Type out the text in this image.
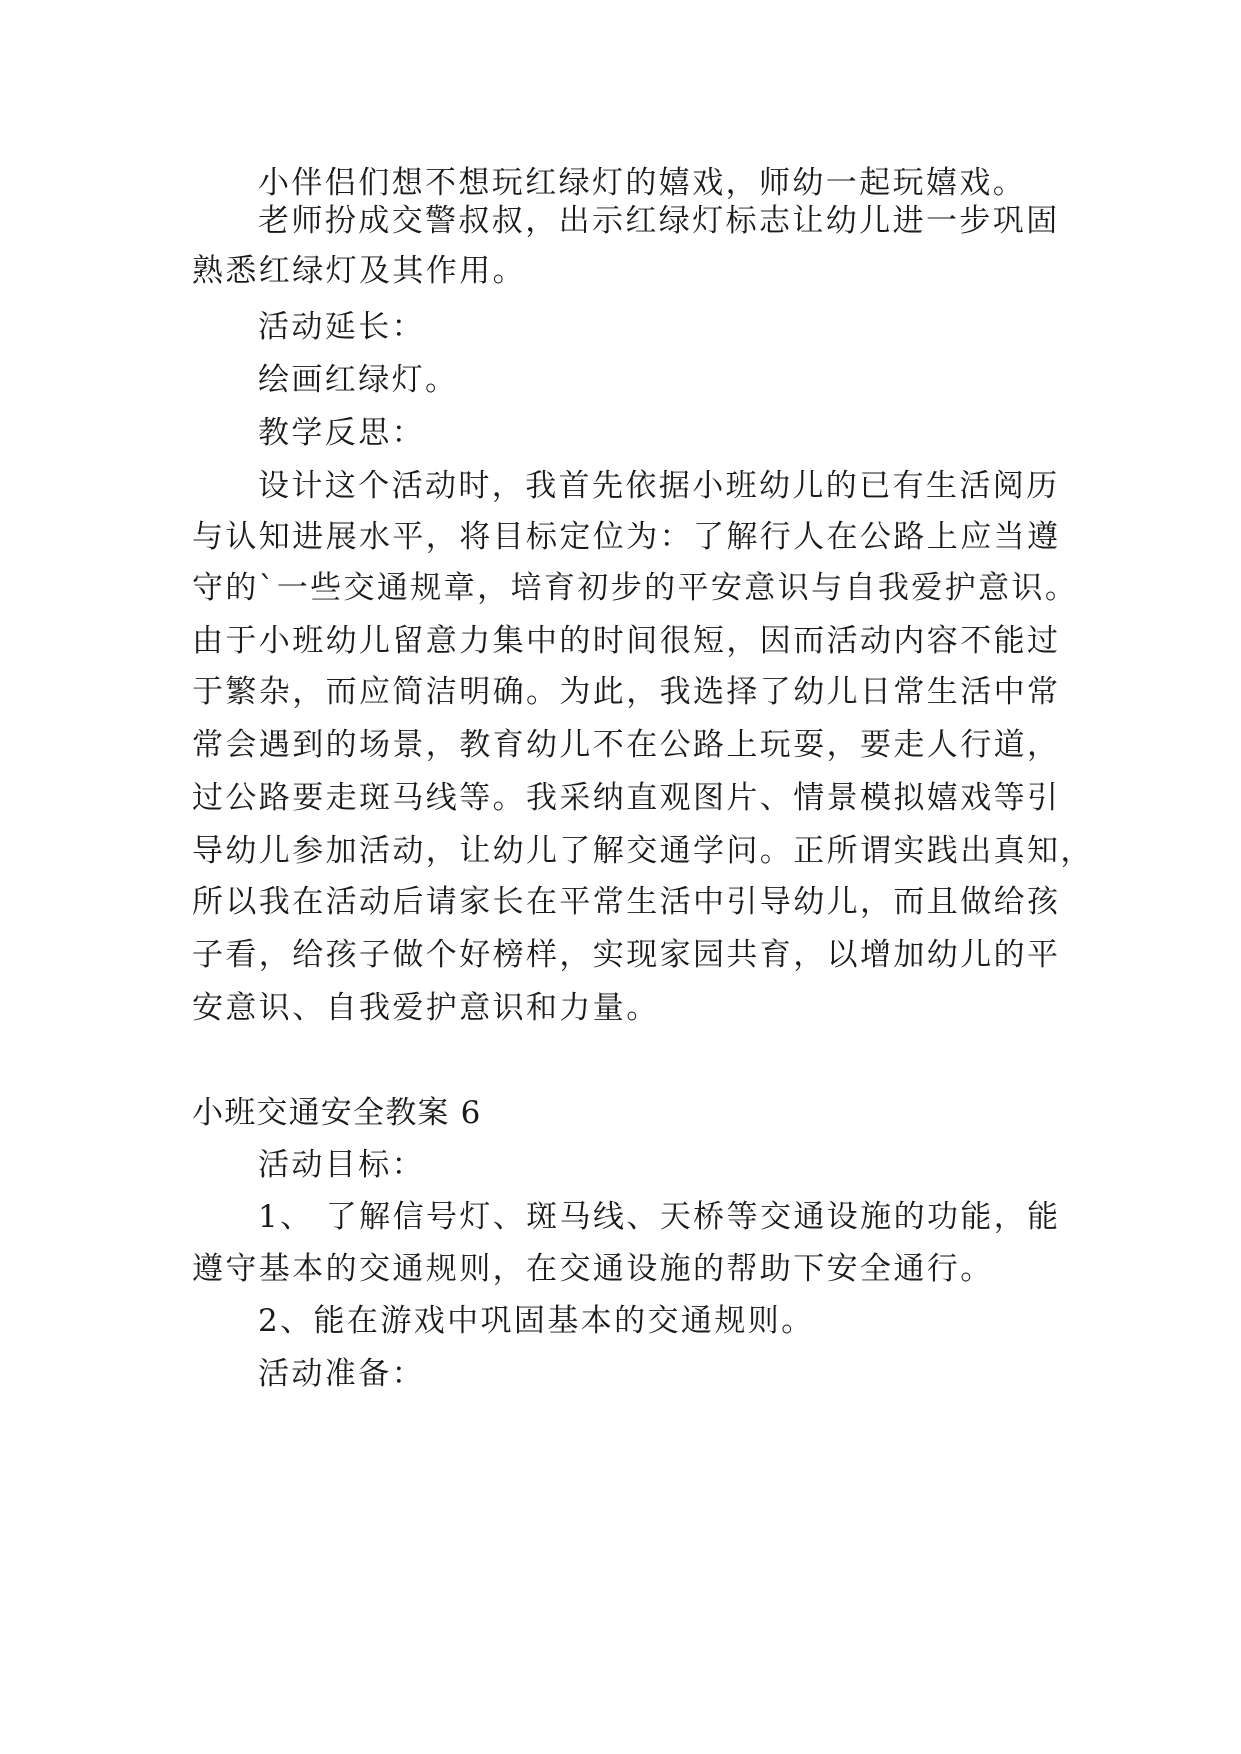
小伴侣们想不想玩红绿灯的嬉戏，师幼一起玩嬉戏。
老师扮成交警叔叔，出示红绿灯标志让幼儿进一步巩固
熟悉红绿灯及其作用。
活动延长：
绘画红绿灯。
教学反思：
设计这个活动时，我首先依据小班幼儿的已有生活阅历
与认知进展水平，将目标定位为：了解行人在公路上应当遵
守的`一些交通规章，培育初步的平安意识与自我爱护意识。
由于小班幼儿留意力集中的时间很短，因而活动内容不能过
于繁杂，而应简洁明确。为此，我选择了幼儿日常生活中常
常会遇到的场景，教育幼儿不在公路上玩耍，要走人行道，
过公路要走斑马线等。我采纳直观图片、情景模拟嬉戏等引
导幼儿参加活动，让幼儿了解交通学问。正所谓实践出真知，
所以我在活动后请家长在平常生活中引导幼儿，而且做给孩
子看，给孩子做个好榜样，实现家园共育，以增加幼儿的平
安意识、自我爱护意识和力量。
小班交通安全教案 6
活动目标：
1、 了解信号灯、斑马线、天桥等交通设施的功能，能
遵守基本的交通规则，在交通设施的帮助下安全通行。
2、能在游戏中巩固基本的交通规则。
活动准备：
